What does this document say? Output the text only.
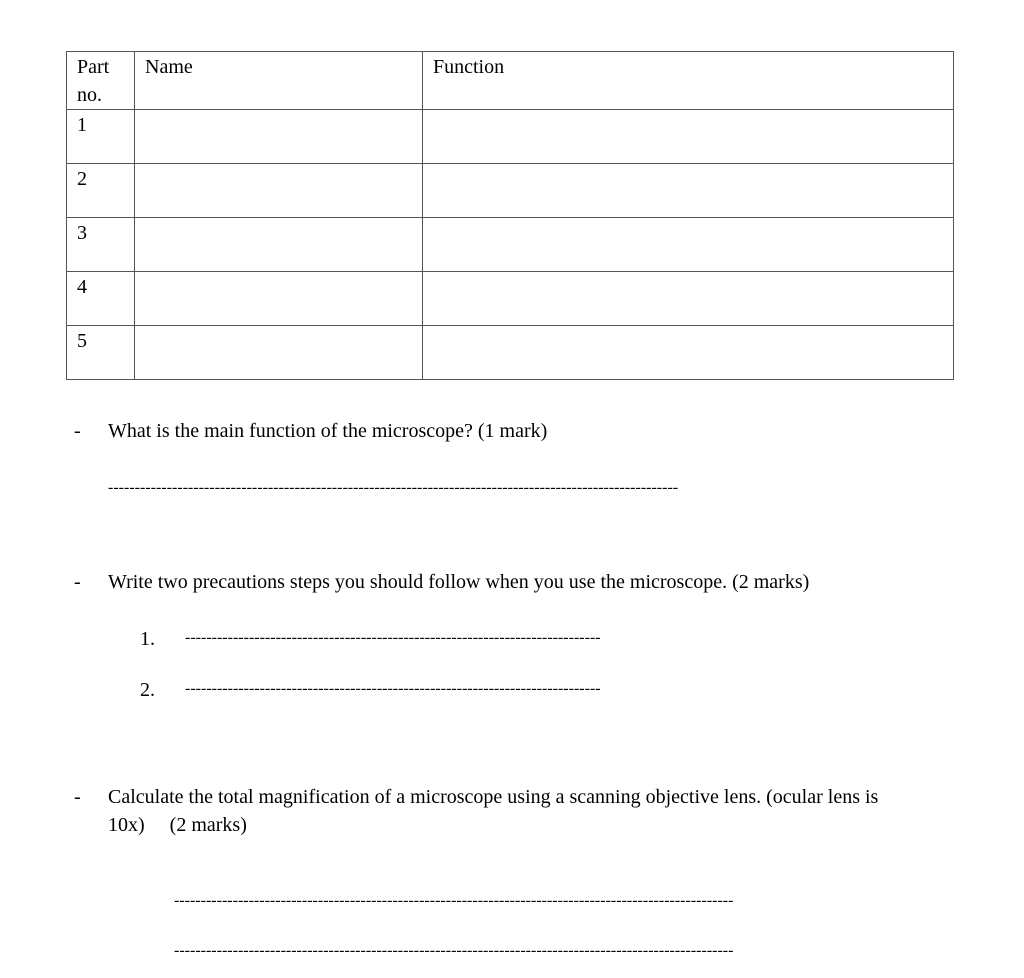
Part no.	Name	Function
1		
2		
3		
4		
5		
- What is the main function of the microscope? (1 mark)
-----------------------------------------------------------------------------------------------------------
- Write two precautions steps you should follow when you use the microscope. (2 marks)
1. ------------------------------------------------------------------------------
2. ------------------------------------------------------------------------------
- Calculate the total magnification of a microscope using a scanning objective lens. (ocular lens is
10x)     (2 marks)
---------------------------------------------------------------------------------------------------------
---------------------------------------------------------------------------------------------------------
